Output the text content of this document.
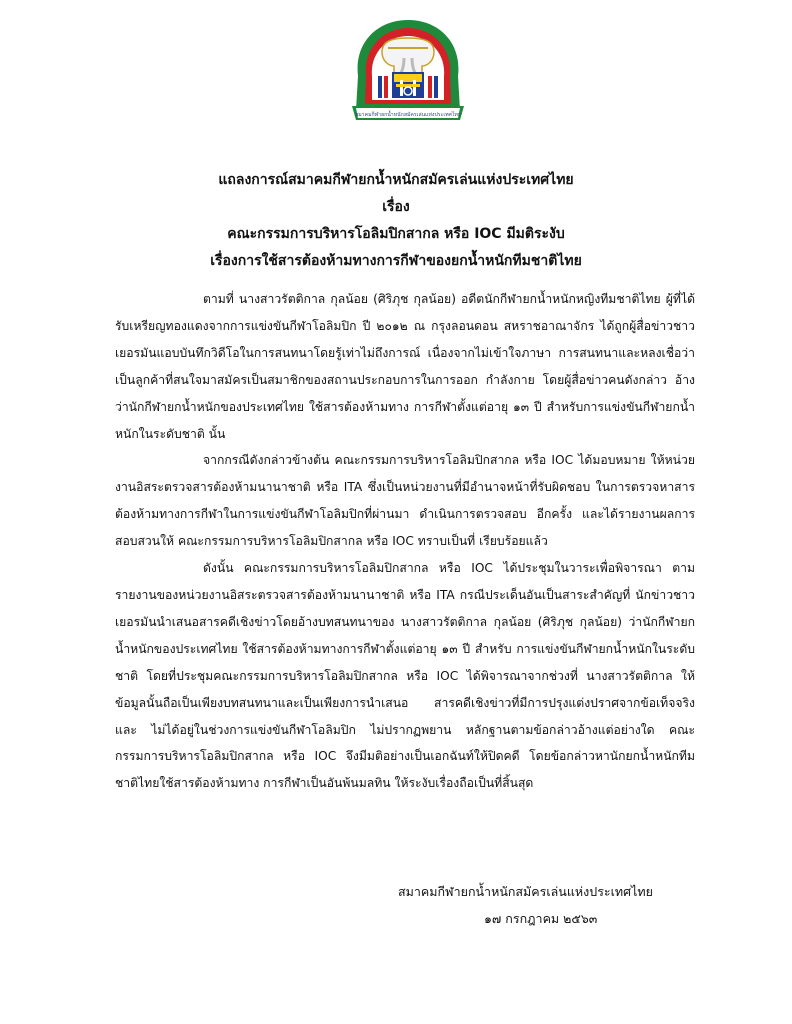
สมาคมกีฬายกน้ำหนักสมัครเล่นแห่งประเทศไทย
แถลงการณ์สมาคมกีฬายกน้ำหนักสมัครเล่นแห่งประเทศไทย
เรื่อง
คณะกรรมการบริหารโอลิมปิกสากล หรือ IOC มีมติระงับ
เรื่องการใช้สารต้องห้ามทางการกีฬาของยกน้ำหนักทีมชาติไทย

ตามที่ นางสาวรัตติกาล กุลน้อย (ศิริภุช กุลน้อย) อดีตนักกีฬายกน้ำหนักหญิงทีมชาติไทย ผู้ที่ได้รับเหรียญทองแดงจากการแข่งขันกีฬาโอลิมปิก ปี ๒๐๑๒ ณ กรุงลอนดอน สหราชอาณาจักร ได้ถูกผู้สื่อข่าวชาวเยอรมันแอบบันทึกวิดีโอในการสนทนาโดยรู้เท่าไม่ถึงการณ์ เนื่องจากไม่เข้าใจภาษา การสนทนาและหลงเชื่อว่าเป็นลูกค้าที่สนใจมาสมัครเป็นสมาชิกของสถานประกอบการในการออก กำลังกาย โดยผู้สื่อข่าวคนดังกล่าว อ้างว่านักกีฬายกน้ำหนักของประเทศไทย ใช้สารต้องห้ามทาง การกีฬาตั้งแต่อายุ ๑๓ ปี สำหรับการแข่งขันกีฬายกน้ำหนักในระดับชาติ นั้น

จากกรณีดังกล่าวข้างต้น คณะกรรมการบริหารโอลิมปิกสากล หรือ IOC ได้มอบหมาย ให้หน่วยงานอิสระตรวจสารต้องห้ามนานาชาติ หรือ ITA ซึ่งเป็นหน่วยงานที่มีอำนาจหน้าที่รับผิดชอบ ในการตรวจหาสารต้องห้ามทางการกีฬาในการแข่งขันกีฬาโอลิมปิกที่ผ่านมา ดำเนินการตรวจสอบ อีกครั้ง และได้รายงานผลการสอบสวนให้ คณะกรรมการบริหารโอลิมปิกสากล หรือ IOC ทราบเป็นที่ เรียบร้อยแล้ว

ดังนั้น คณะกรรมการบริหารโอลิมปิกสากล หรือ IOC ได้ประชุมในวาระเพื่อพิจารณา ตามรายงานของหน่วยงานอิสระตรวจสารต้องห้ามนานาชาติ หรือ ITA กรณีประเด็นอันเป็นสาระสำคัญที่ นักข่าวชาวเยอรมันนำเสนอสารคดีเชิงข่าวโดยอ้างบทสนทนาของ นางสาวรัตติกาล กุลน้อย (ศิริภุช กุลน้อย) ว่านักกีฬายกน้ำหนักของประเทศไทย ใช้สารต้องห้ามทางการกีฬาตั้งแต่อายุ ๑๓ ปี สำหรับ การแข่งขันกีฬายกน้ำหนักในระดับชาติ โดยที่ประชุมคณะกรรมการบริหารโอลิมปิกสากล หรือ IOC ได้พิจารณาจากช่วงที่ นางสาวรัตติกาล ให้ข้อมูลนั้นถือเป็นเพียงบทสนทนาและเป็นเพียงการนำเสนอ สารคดีเชิงข่าวที่มีการปรุงแต่งปราศจากข้อเท็จจริง และ ไม่ได้อยู่ในช่วงการแข่งขันกีฬาโอลิมปิก ไม่ปรากฏพยาน หลักฐานตามข้อกล่าวอ้างแต่อย่างใด คณะกรรมการบริหารโอลิมปิกสากล หรือ IOC จึงมีมติอย่างเป็นเอกฉันท์ให้ปิดคดี โดยข้อกล่าวหานักยกน้ำหนักทีมชาติไทยใช้สารต้องห้ามทาง การกีฬาเป็นอันพ้นมลทิน ให้ระงับเรื่องถือเป็นที่สิ้นสุด

สมาคมกีฬายกน้ำหนักสมัครเล่นแห่งประเทศไทย
๑๗ กรกฎาคม ๒๕๖๓
